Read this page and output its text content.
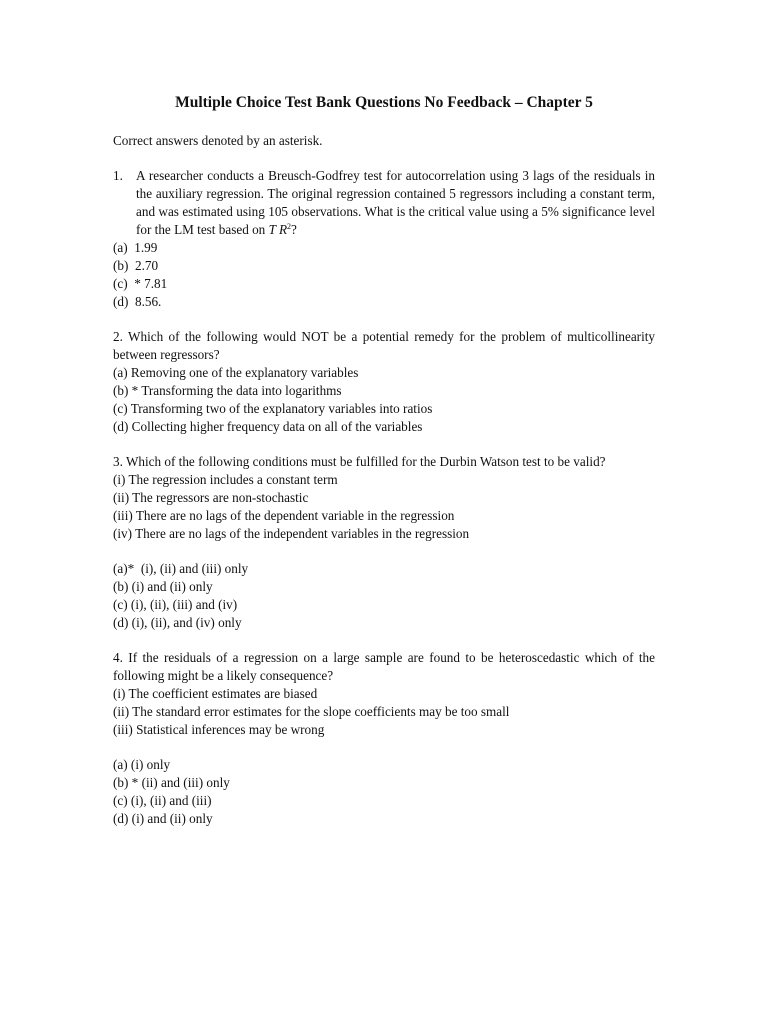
Multiple Choice Test Bank Questions No Feedback – Chapter 5

Correct answers denoted by an asterisk.

1. A researcher conducts a Breusch-Godfrey test for autocorrelation using 3 lags of the residuals in the auxiliary regression. The original regression contained 5 regressors including a constant term, and was estimated using 105 observations. What is the critical value using a 5% significance level for the LM test based on T $R^2$?

(a)  1.99

(b)  2.70

(c)  * 7.81

(d)  8.56.

2. Which of the following would NOT be a potential remedy for the problem of multicollinearity between regressors?

(a) Removing one of the explanatory variables

(b) * Transforming the data into logarithms

(c) Transforming two of the explanatory variables into ratios

(d) Collecting higher frequency data on all of the variables

3. Which of the following conditions must be fulfilled for the Durbin Watson test to be valid?

(i) The regression includes a constant term

(ii) The regressors are non-stochastic

(iii) There are no lags of the dependent variable in the regression

(iv) There are no lags of the independent variables in the regression

(a)*  (i), (ii) and (iii) only

(b) (i) and (ii) only

(c) (i), (ii), (iii) and (iv)

(d) (i), (ii), and (iv) only

4. If the residuals of a regression on a large sample are found to be heteroscedastic which of the following might be a likely consequence?

(i) The coefficient estimates are biased

(ii) The standard error estimates for the slope coefficients may be too small

(iii) Statistical inferences may be wrong

(a) (i) only

(b) * (ii) and (iii) only

(c) (i), (ii) and (iii)

(d) (i) and (ii) only
